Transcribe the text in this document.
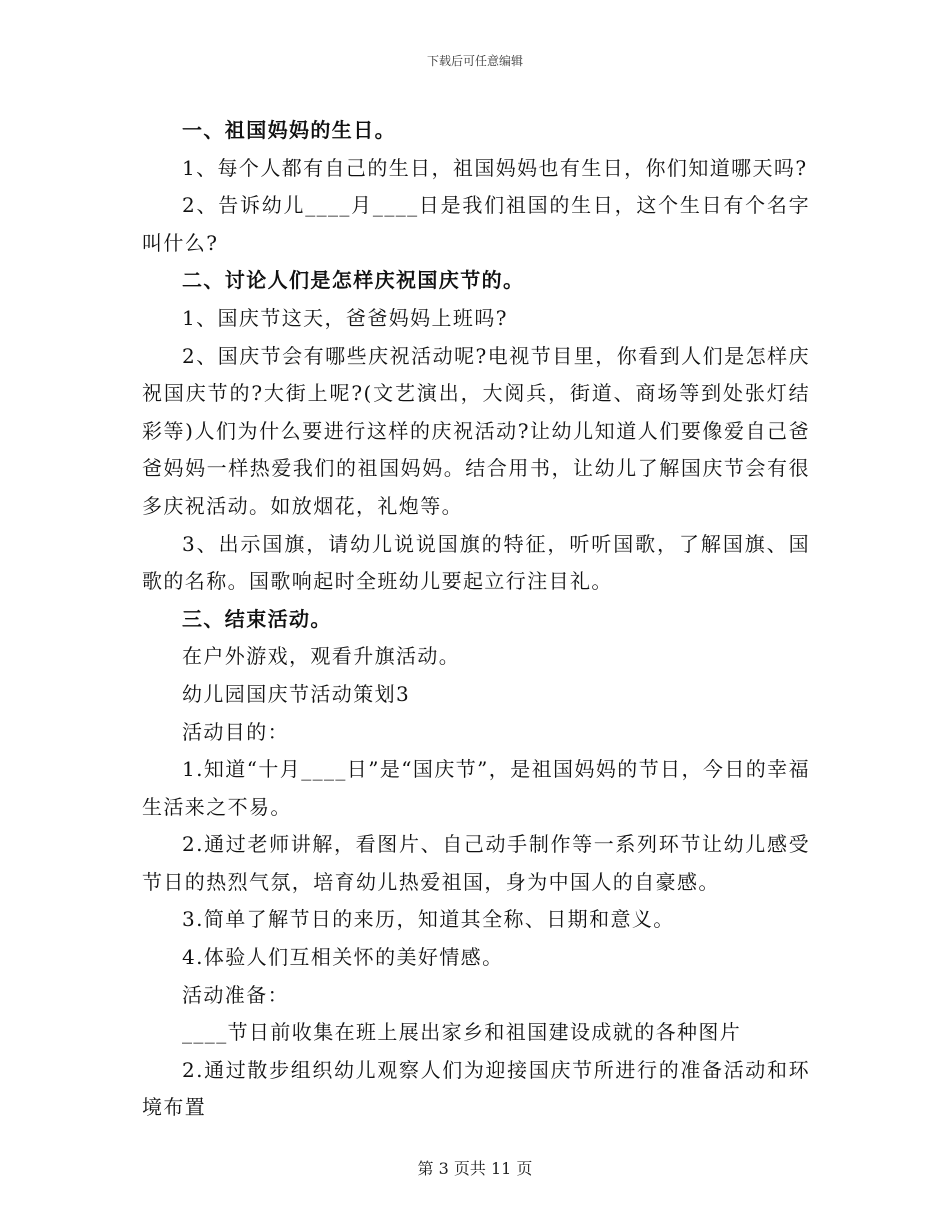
下载后可任意编辑

一、祖国妈妈的生日。

1、每个人都有自己的生日，祖国妈妈也有生日，你们知道哪天吗?

2、告诉幼儿____月____日是我们祖国的生日，这个生日有个名字叫什么?

二、讨论人们是怎样庆祝国庆节的。

1、国庆节这天，爸爸妈妈上班吗?

2、国庆节会有哪些庆祝活动呢?电视节目里，你看到人们是怎样庆祝国庆节的?大街上呢?(文艺演出，大阅兵，街道、商场等到处张灯结彩等)人们为什么要进行这样的庆祝活动?让幼儿知道人们要像爱自己爸爸妈妈一样热爱我们的祖国妈妈。结合用书，让幼儿了解国庆节会有很多庆祝活动。如放烟花，礼炮等。

3、出示国旗，请幼儿说说国旗的特征，听听国歌，了解国旗、国歌的名称。国歌响起时全班幼儿要起立行注目礼。

三、结束活动。

在户外游戏，观看升旗活动。

幼儿园国庆节活动策划3

活动目的：

1.知道“十月____日”是“国庆节”，是祖国妈妈的节日，今日的幸福生活来之不易。

2.通过老师讲解，看图片、自己动手制作等一系列环节让幼儿感受节日的热烈气氛，培育幼儿热爱祖国，身为中国人的自豪感。

3.简单了解节日的来历，知道其全称、日期和意义。

4.体验人们互相关怀的美好情感。

活动准备：

____节日前收集在班上展出家乡和祖国建设成就的各种图片

2.通过散步组织幼儿观察人们为迎接国庆节所进行的准备活动和环境布置

第 3 页共 11 页
